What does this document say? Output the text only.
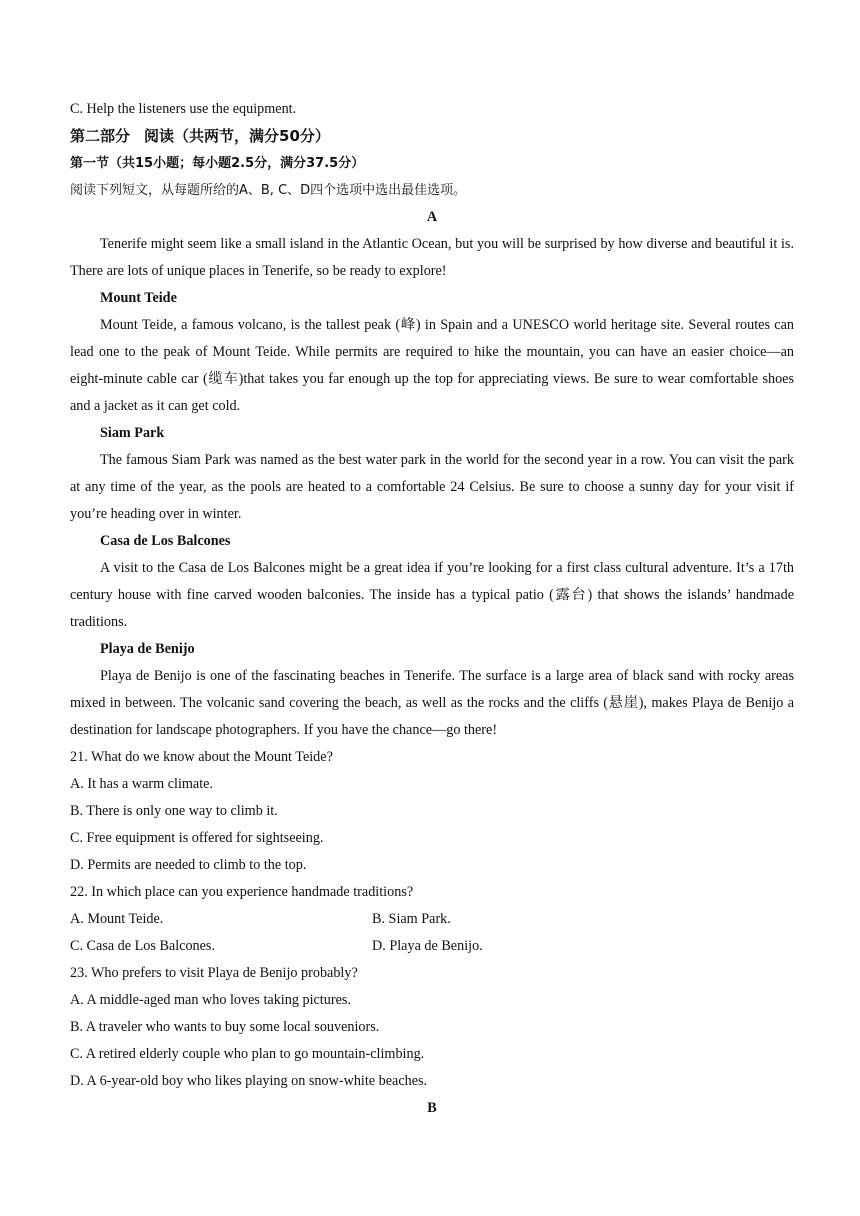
C. Help the listeners use the equipment.
第二部分 阅读（共两节，满分50分）
第一节（共15小题；每小题2.5分，满分37.5分）
阅读下列短文，从每题所给的A、B, C、D四个选项中选出最佳选项。
A
Tenerife might seem like a small island in the Atlantic Ocean, but you will be surprised by how diverse and beautiful it is. There are lots of unique places in Tenerife, so be ready to explore!
Mount Teide
Mount Teide, a famous volcano, is the tallest peak (峰) in Spain and a UNESCO world heritage site. Several routes can lead one to the peak of Mount Teide. While permits are required to hike the mountain, you can have an easier choice—an eight-minute cable car (缆车)that takes you far enough up the top for appreciating views. Be sure to wear comfortable shoes and a jacket as it can get cold.
Siam Park
The famous Siam Park was named as the best water park in the world for the second year in a row. You can visit the park at any time of the year, as the pools are heated to a comfortable 24 Celsius. Be sure to choose a sunny day for your visit if you’re heading over in winter.
Casa de Los Balcones
A visit to the Casa de Los Balcones might be a great idea if you’re looking for a first class cultural adventure. It’s a 17th century house with fine carved wooden balconies. The inside has a typical patio (露台) that shows the islands’ handmade traditions.
Playa de Benijo
Playa de Benijo is one of the fascinating beaches in Tenerife. The surface is a large area of black sand with rocky areas mixed in between. The volcanic sand covering the beach, as well as the rocks and the cliffs (悬崖), makes Playa de Benijo a destination for landscape photographers. If you have the chance—go there!
21. What do we know about the Mount Teide?
A. It has a warm climate.
B. There is only one way to climb it.
C. Free equipment is offered for sightseeing.
D. Permits are needed to climb to the top.
22. In which place can you experience handmade traditions?
A. Mount Teide.	B. Siam Park.
C. Casa de Los Balcones.	D. Playa de Benijo.
23. Who prefers to visit Playa de Benijo probably?
A. A middle-aged man who loves taking pictures.
B. A traveler who wants to buy some local souveniors.
C. A retired elderly couple who plan to go mountain-climbing.
D. A 6-year-old boy who likes playing on snow-white beaches.
B
